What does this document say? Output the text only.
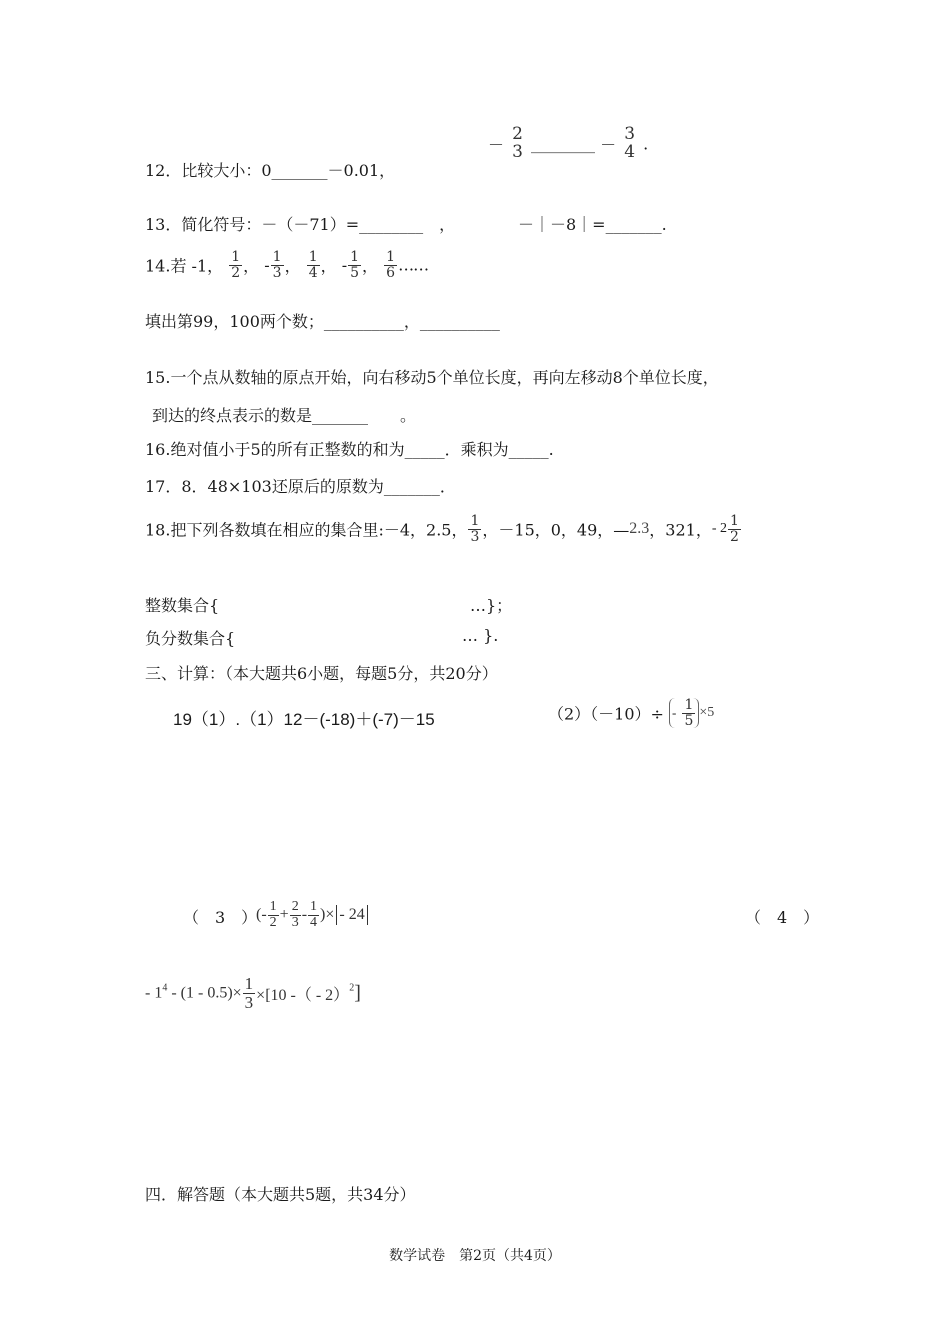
12．比较大小：0_______－0.01，
－
2
3 ________ －
3
4 .
13．简化符号：－（－71）=________　，	－｜－8｜=_______.
14.若 -1， $\frac{1}{2}$ ， - $\frac{1}{3}$ ， $\frac{1}{4}$ ， - $\frac{1}{5}$ ， $\frac{1}{6}$ ……
填出第99，100两个数；__________，__________
15.一个点从数轴的原点开始，向右移动5个单位长度，再向左移动8个单位长度，
到达的终点表示的数是_______　　。
16.绝对值小于5的所有正整数的和为_____．乘积为_____.
17．8．48×103还原后的原数为_______．
18.把下列各数填在相应的集合里:－4，2.5， $\frac{1}{3}$ ，－15，0，49，—2.3，321，- $2 \frac{1}{2}$
整数集合{	…}；
负分数集合{	… }.
三、计算：（本大题共6小题，每题5分，共20分）
19（1）.（1）12－(-18)＋(-7)－15	$(2)(-10)\div - \frac{1}{5} \times 5$
（　3　）
(- $\frac{1}{2} + \frac{2}{3} - \frac{1}{4}$ )× - 24	（　4　）
- $1^4 - (1 - 0.5)\times \frac{1}{3} \times[10$ -（ - 2）$^2$]
四．解答题（本大题共5题，共34分）
数学试卷　第2页（共4页）
